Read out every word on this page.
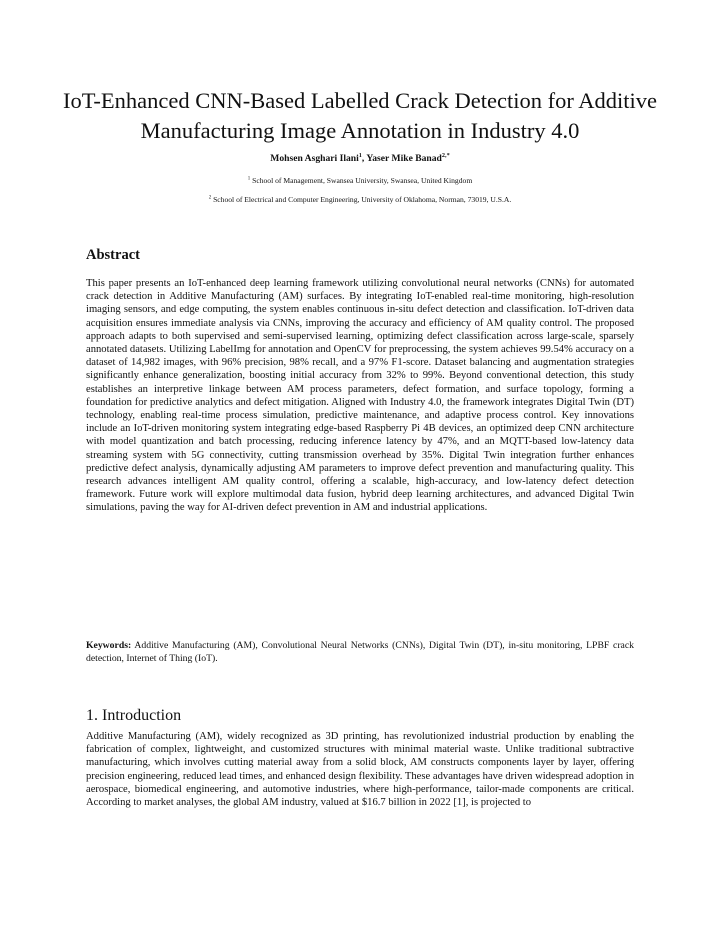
IoT-Enhanced CNN-Based Labelled Crack Detection for Additive Manufacturing Image Annotation in Industry 4.0
Mohsen Asghari Ilani$^1$, Yaser Mike Banad$^{2,*}$
$^1$ School of Management, Swansea University, Swansea, United Kingdom
$^2$ School of Electrical and Computer Engineering, University of Oklahoma, Norman, 73019, U.S.A.
Abstract

This paper presents an IoT-enhanced deep learning framework utilizing convolutional neural networks (CNNs) for automated crack detection in Additive Manufacturing (AM) surfaces. By integrating IoT-enabled real-time monitoring, high-resolution imaging sensors, and edge computing, the system enables continuous in-situ defect detection and classification. IoT-driven data acquisition ensures immediate analysis via CNNs, improving the accuracy and efficiency of AM quality control. The proposed approach adapts to both supervised and semi-supervised learning, optimizing defect classification across large-scale, sparsely annotated datasets. Utilizing LabelImg for annotation and OpenCV for preprocessing, the system achieves 99.54% accuracy on a dataset of 14,982 images, with 96% precision, 98% recall, and a 97% F1-score. Dataset balancing and augmentation strategies significantly enhance generalization, boosting initial accuracy from 32% to 99%. Beyond conventional detection, this study establishes an interpretive linkage between AM process parameters, defect formation, and surface topology, forming a foundation for predictive analytics and defect mitigation. Aligned with Industry 4.0, the framework integrates Digital Twin (DT) technology, enabling real-time process simulation, predictive maintenance, and adaptive process control. Key innovations include an IoT-driven monitoring system integrating edge-based Raspberry Pi 4B devices, an optimized deep CNN architecture with model quantization and batch processing, reducing inference latency by 47%, and an MQTT-based low-latency data streaming system with 5G connectivity, cutting transmission overhead by 35%. Digital Twin integration further enhances predictive defect analysis, dynamically adjusting AM parameters to improve defect prevention and manufacturing quality. This research advances intelligent AM quality control, offering a scalable, high-accuracy, and low-latency defect detection framework. Future work will explore multimodal data fusion, hybrid deep learning architectures, and advanced Digital Twin simulations, paving the way for AI-driven defect prevention in AM and industrial applications.

Keywords: Additive Manufacturing (AM), Convolutional Neural Networks (CNNs), Digital Twin (DT), in-situ monitoring, LPBF crack detection, Internet of Thing (IoT).

1. Introduction

Additive Manufacturing (AM), widely recognized as 3D printing, has revolutionized industrial production by enabling the fabrication of complex, lightweight, and customized structures with minimal material waste. Unlike traditional subtractive manufacturing, which involves cutting material away from a solid block, AM constructs components layer by layer, offering precision engineering, reduced lead times, and enhanced design flexibility. These advantages have driven widespread adoption in aerospace, biomedical engineering, and automotive industries, where high-performance, tailor-made components are critical. According to market analyses, the global AM industry, valued at $16.7 billion in 2022 [1], is projected to
